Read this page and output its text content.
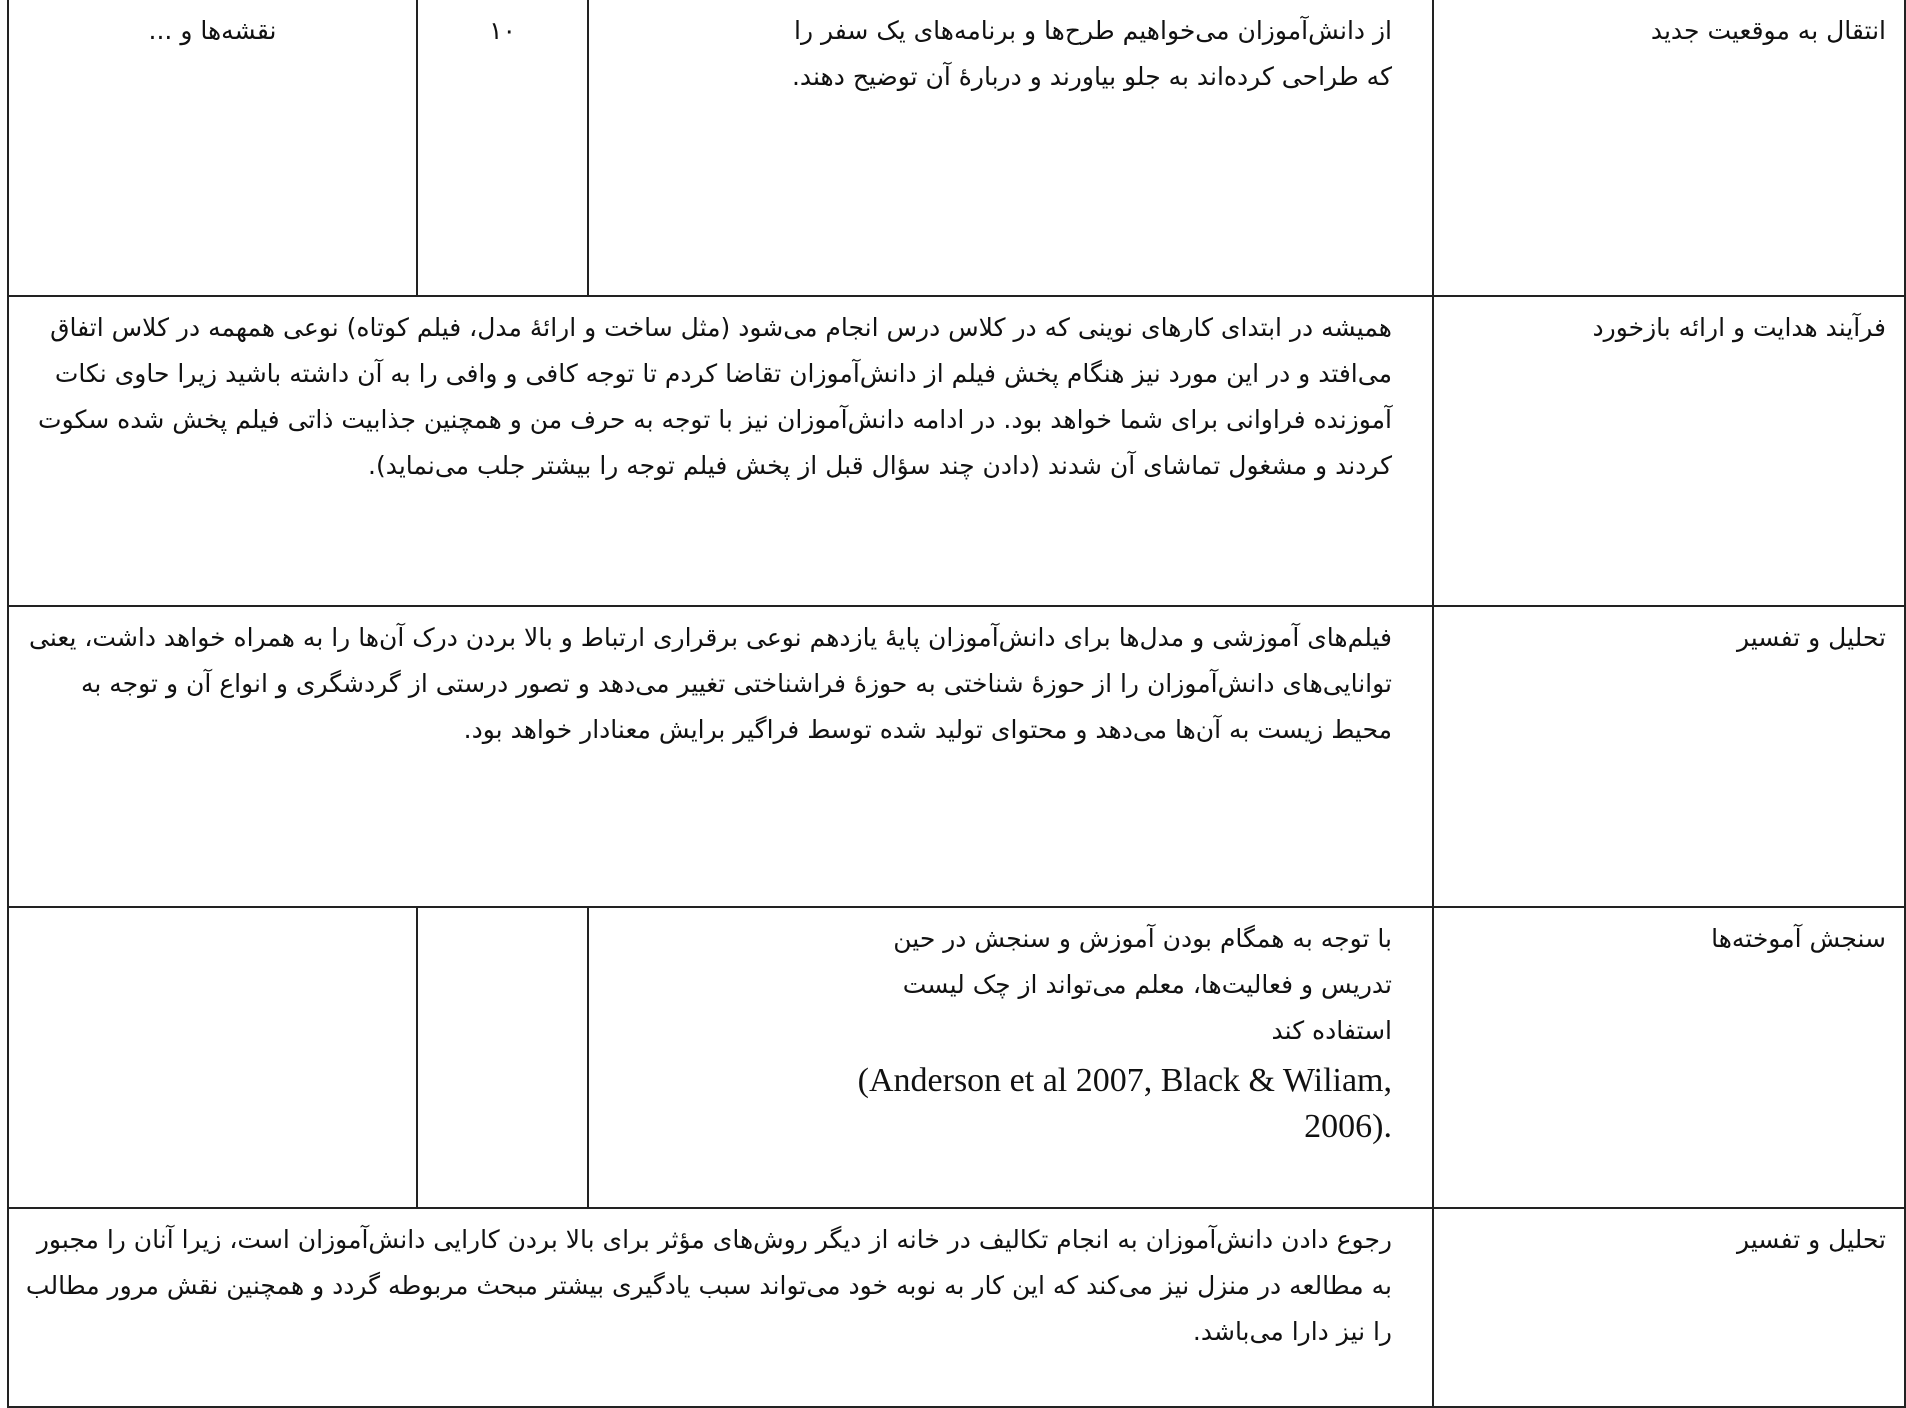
انتقال به موقعیت جدید	از دانش‌آموزان می‌خواهیم طرح‌ها و برنامه‌های یک سفر را که طراحی کرده‌اند به جلو بیاورند و دربارهٔ آن توضیح دهند.	۱۰	نقشه‌ها و ...
فرآیند هدایت و ارائه بازخورد	همیشه در ابتدای کارهای نوینی که در کلاس درس انجام می‌شود (مثل ساخت و ارائهٔ مدل، فیلم کوتاه) نوعی همهمه در کلاس اتفاق می‌افتد و در این مورد نیز هنگام پخش فیلم از دانش‌آموزان تقاضا کردم تا توجه کافی و وافی را به آن داشته باشید زیرا حاوی نکات آموزنده فراوانی برای شما خواهد بود. در ادامه دانش‌آموزان نیز با توجه به حرف من و همچنین جذابیت ذاتی فیلم پخش شده سکوت کردند و مشغول تماشای آن شدند (دادن چند سؤال قبل از پخش فیلم توجه را بیشتر جلب می‌نماید).		
تحلیل و تفسیر	فیلم‌های آموزشی و مدل‌ها برای دانش‌آموزان پایهٔ یازدهم نوعی برقراری ارتباط و بالا بردن درک آن‌ها را به همراه خواهد داشت، یعنی توانایی‌های دانش‌آموزان را از حوزهٔ شناختی به حوزهٔ فراشناختی تغییر می‌دهد و تصور درستی از گردشگری و انواع آن و توجه به محیط زیست به آن‌ها می‌دهد و محتوای تولید شده توسط فراگیر برایش معنادار خواهد بود.		
سنجش آموخته‌ها	با توجه به همگام بودن آموزش و سنجش در حین تدریس و فعالیت‌ها، معلم می‌تواند از چک لیست استفاده کند
(Anderson et al 2007, Black & Wiliam, 2006).		

تحلیل و تفسیر	رجوع دادن دانش‌آموزان به انجام تکالیف در خانه از دیگر روش‌های مؤثر برای بالا بردن کارایی دانش‌آموزان است، زیرا آنان را مجبور به مطالعه در منزل نیز می‌کند که این کار به نوبه خود می‌تواند سبب یادگیری بیشتر مبحث مربوطه گردد و همچنین نقش مرور مطالب را نیز دارا می‌باشد.		
